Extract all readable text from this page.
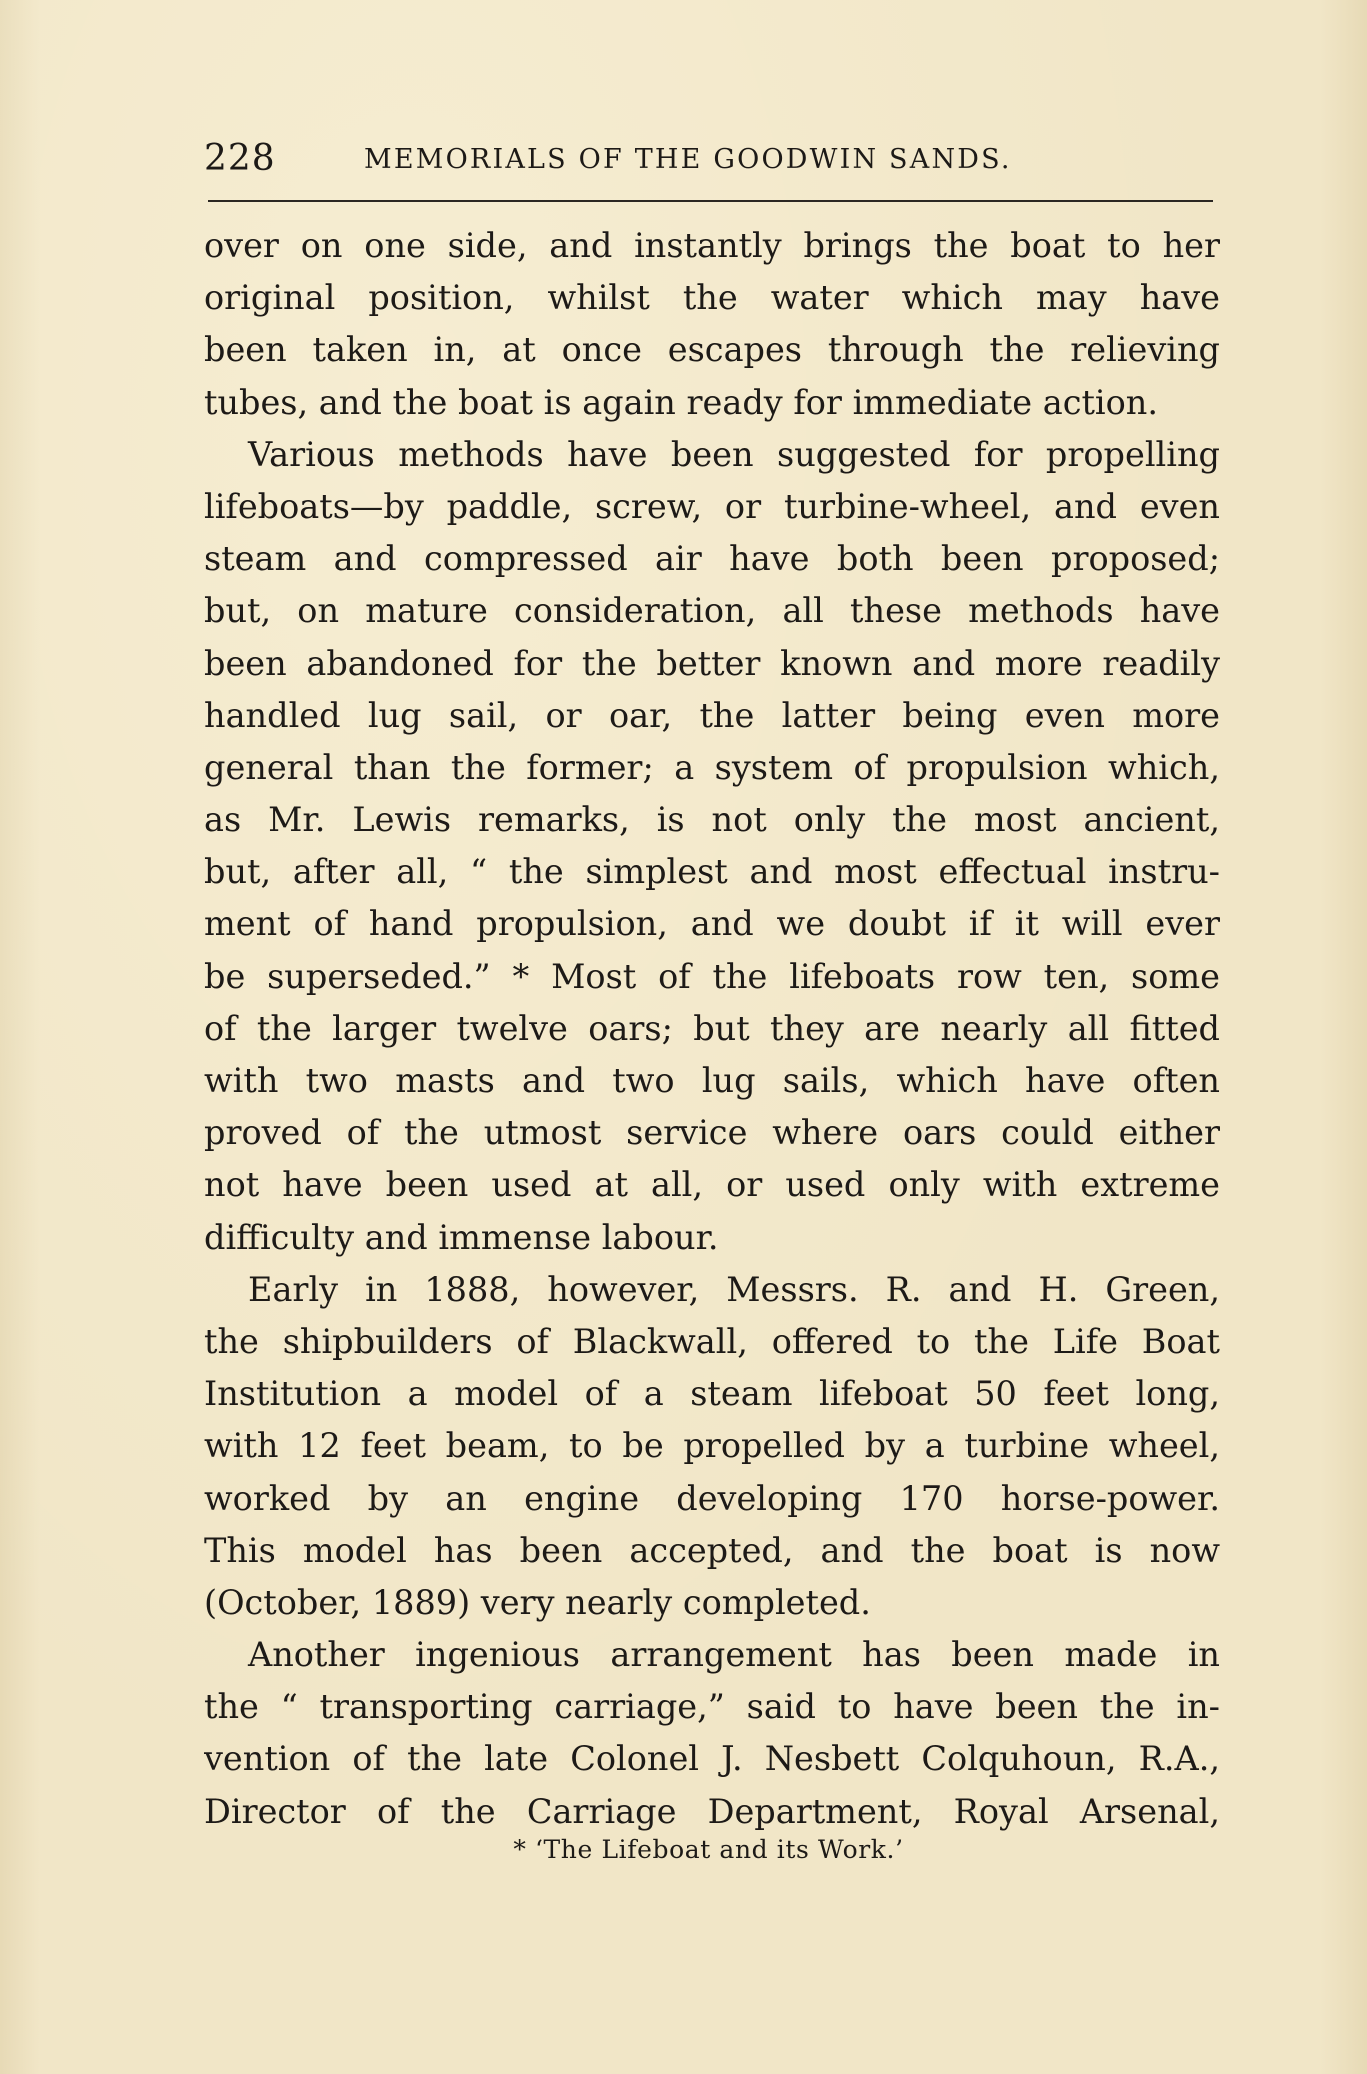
228	MEMORIALS OF THE GOODWIN SANDS.
over on one side, and instantly brings the boat to her
original position, whilst the water which may have
been taken in, at once escapes through the relieving
tubes, and the boat is again ready for immediate action.
Various methods have been suggested for propelling
lifeboats—by paddle, screw, or turbine-wheel, and even
steam and compressed air have both been proposed;
but, on mature consideration, all these methods have
been abandoned for the better known and more readily
handled lug sail, or oar, the latter being even more
general than the former; a system of propulsion which,
as Mr. Lewis remarks, is not only the most ancient,
but, after all, “ the simplest and most effectual instru-
ment of hand propulsion, and we doubt if it will ever
be superseded.” * Most of the lifeboats row ten, some
of the larger twelve oars; but they are nearly all fitted
with two masts and two lug sails, which have often
proved of the utmost service where oars could either
not have been used at all, or used only with extreme
difficulty and immense labour.
Early in 1888, however, Messrs. R. and H. Green,
the shipbuilders of Blackwall, offered to the Life Boat
Institution a model of a steam lifeboat 50 feet long,
with 12 feet beam, to be propelled by a turbine wheel,
worked by an engine developing 170 horse-power.
This model has been accepted, and the boat is now
(October, 1889) very nearly completed.
Another ingenious arrangement has been made in
the “ transporting carriage,” said to have been the in-
vention of the late Colonel J. Nesbett Colquhoun, R.A.,
Director of the Carriage Department, Royal Arsenal,
* ‘The Lifeboat and its Work.’
